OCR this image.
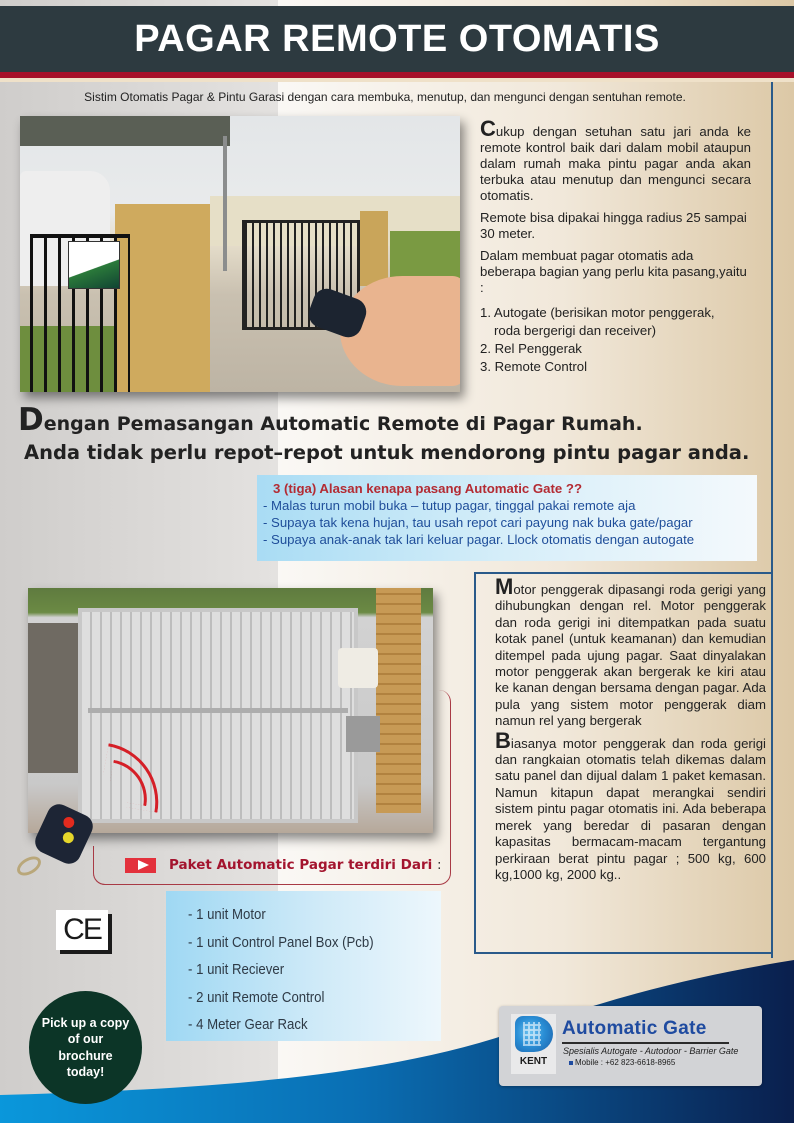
PAGAR REMOTE OTOMATIS
Sistim Otomatis Pagar & Pintu Garasi dengan cara membuka, menutup, dan mengunci dengan sentuhan remote.

Cukup dengan setuhan satu jari anda ke remote kontrol baik dari dalam mobil ataupun dalam rumah maka pintu pagar anda akan terbuka atau menutup dan mengunci secara otomatis.

Remote bisa dipakai hingga radius 25 sampai 30 meter.

Dalam membuat pagar otomatis ada beberapa bagian yang perlu kita pasang,yaitu :

1. Autogate (berisikan motor penggerak,
roda bergerigi dan receiver)
2. Rel Penggerak
3. Remote Control
Dengan Pemasangan Automatic Remote di Pagar Rumah.
Anda tidak perlu repot–repot untuk mendorong pintu pagar anda.
3 (tiga) Alasan kenapa pasang Automatic Gate ??
- Malas turun mobil buka – tutup pagar, tinggal pakai remote aja
- Supaya tak kena hujan, tau usah repot cari payung nak buka gate/pagar
- Supaya anak-anak tak lari keluar pagar. Llock otomatis dengan autogate
Paket Automatic Pagar terdiri Dari
:
- 1 unit Motor
- 1 unit Control Panel Box (Pcb)
- 1 unit Reciever
- 2 unit Remote Control
- 4 Meter Gear Rack
CE

Motor penggerak dipasangi roda gerigi yang dihubungkan dengan rel. Motor penggerak dan roda gerigi ini ditempatkan pada suatu kotak panel (untuk keamanan) dan kemudian ditempel pada ujung pagar. Saat dinyalakan motor penggerak akan bergerak ke kiri atau ke kanan dengan bersama dengan pagar. Ada pula yang sistem motor penggerak diam namun rel yang bergerak

Biasanya motor penggerak dan roda gerigi dan rangkaian otomatis telah dikemas dalam satu panel dan dijual dalam 1 paket kemasan. Namun kitapun dapat merangkai sendiri sistem pintu pagar otomatis ini. Ada beberapa merek yang beredar di pasaran dengan kapasitas bermacam-macam tergantung perkiraan berat pintu pagar ; 500 kg, 600 kg,1000 kg, 2000 kg..

Pick up a copy of our brochure today!
KENT
Automatic Gate
Spesialis Autogate - Autodoor - Barrier Gate
Mobile : +62 823-6618-8965
